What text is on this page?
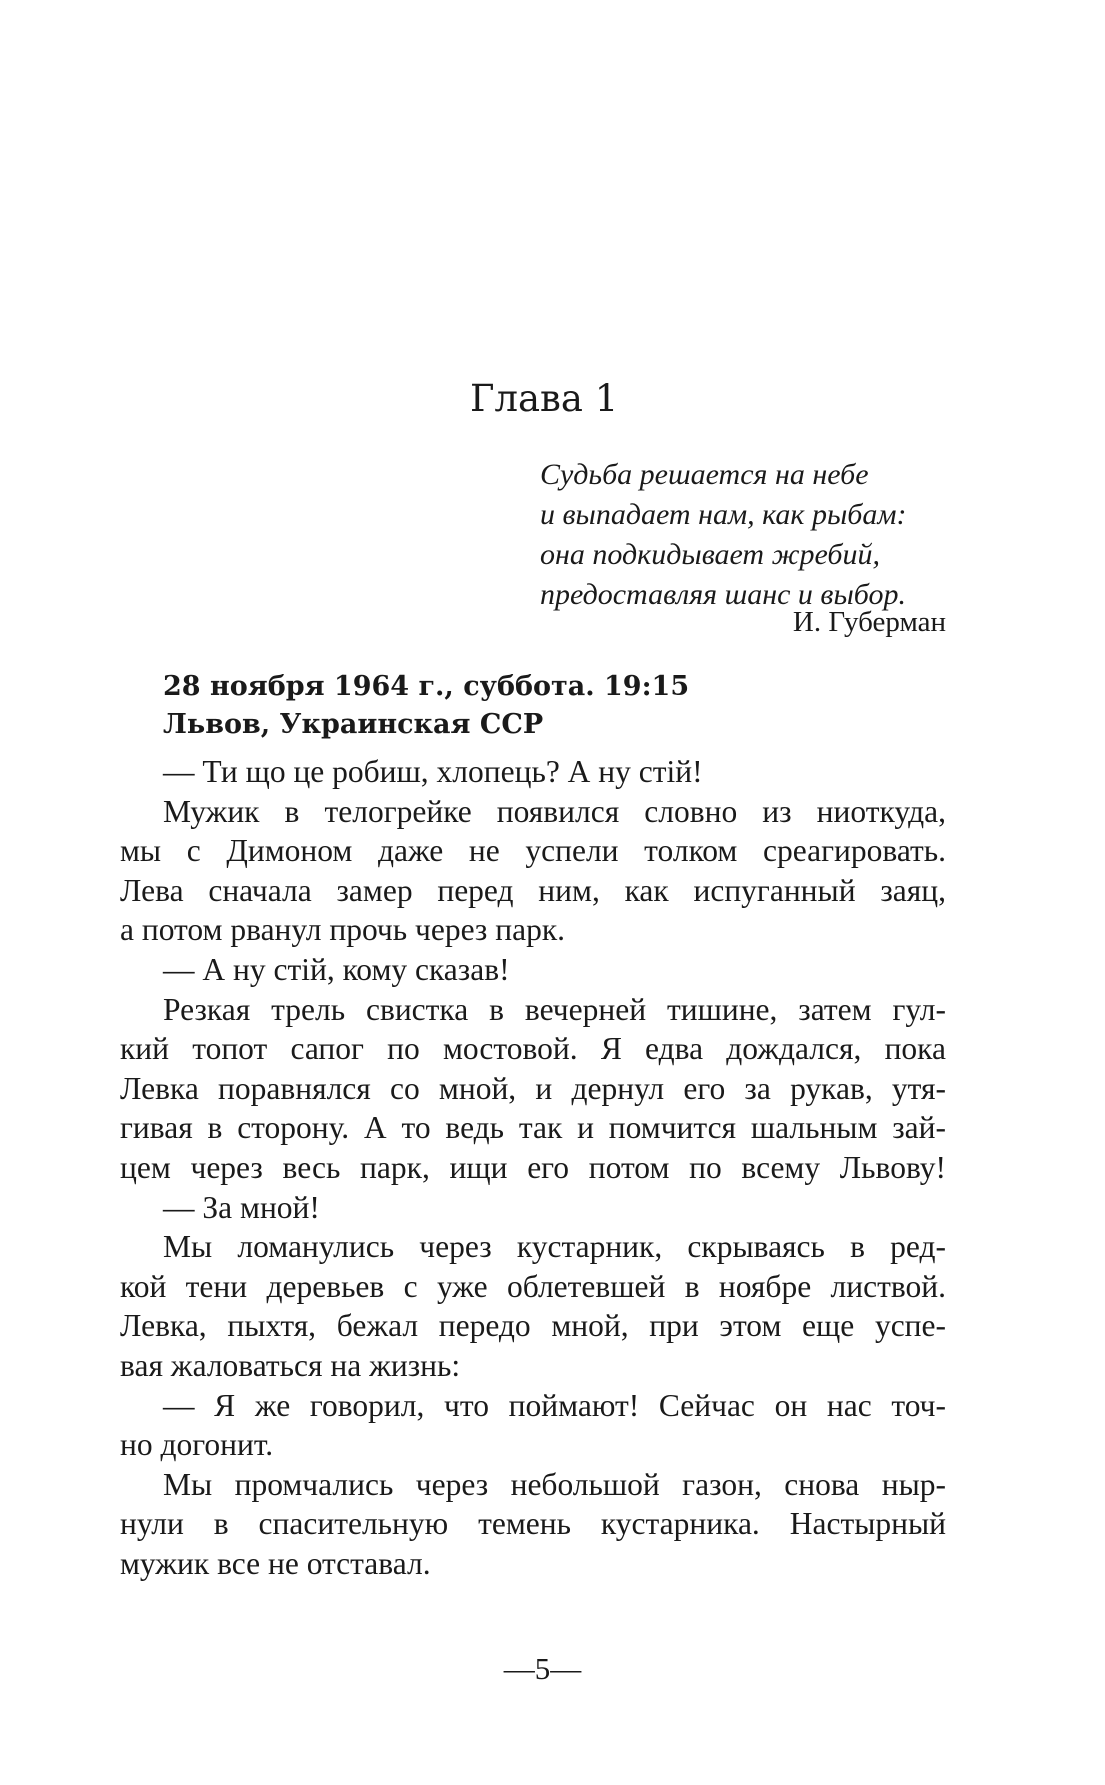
Глава 1
Судьба решается на небе
и выпадает нам, как рыбам:
она подкидывает жребий,
предоставляя шанс и выбор.
И. Губерман
28 ноября 1964 г., суббота. 19:15
Львов, Украинская ССР
— Ти що це робиш, хлопець? А ну стій!
Мужик в телогрейке появился словно из ниоткуда,
мы с Димоном даже не успели толком среагировать.
Лева сначала замер перед ним, как испуганный заяц,
а потом рванул прочь через парк.
— А ну стій, кому сказав!
Резкая трель свистка в вечерней тишине, затем гул-
кий топот сапог по мостовой. Я едва дождался, пока
Левка поравнялся со мной, и дернул его за рукав, утя-
гивая в сторону. А то ведь так и помчится шальным зай-
цем через весь парк, ищи его потом по всему Львову!
— За мной!
Мы ломанулись через кустарник, скрываясь в ред-
кой тени деревьев с уже облетевшей в ноябре листвой.
Левка, пыхтя, бежал передо мной, при этом еще успе-
вая жаловаться на жизнь:
— Я же говорил, что поймают! Сейчас он нас точ-
но догонит.
Мы промчались через небольшой газон, снова ныр-
нули в спасительную темень кустарника. Настырный
мужик все не отставал.
—5—
